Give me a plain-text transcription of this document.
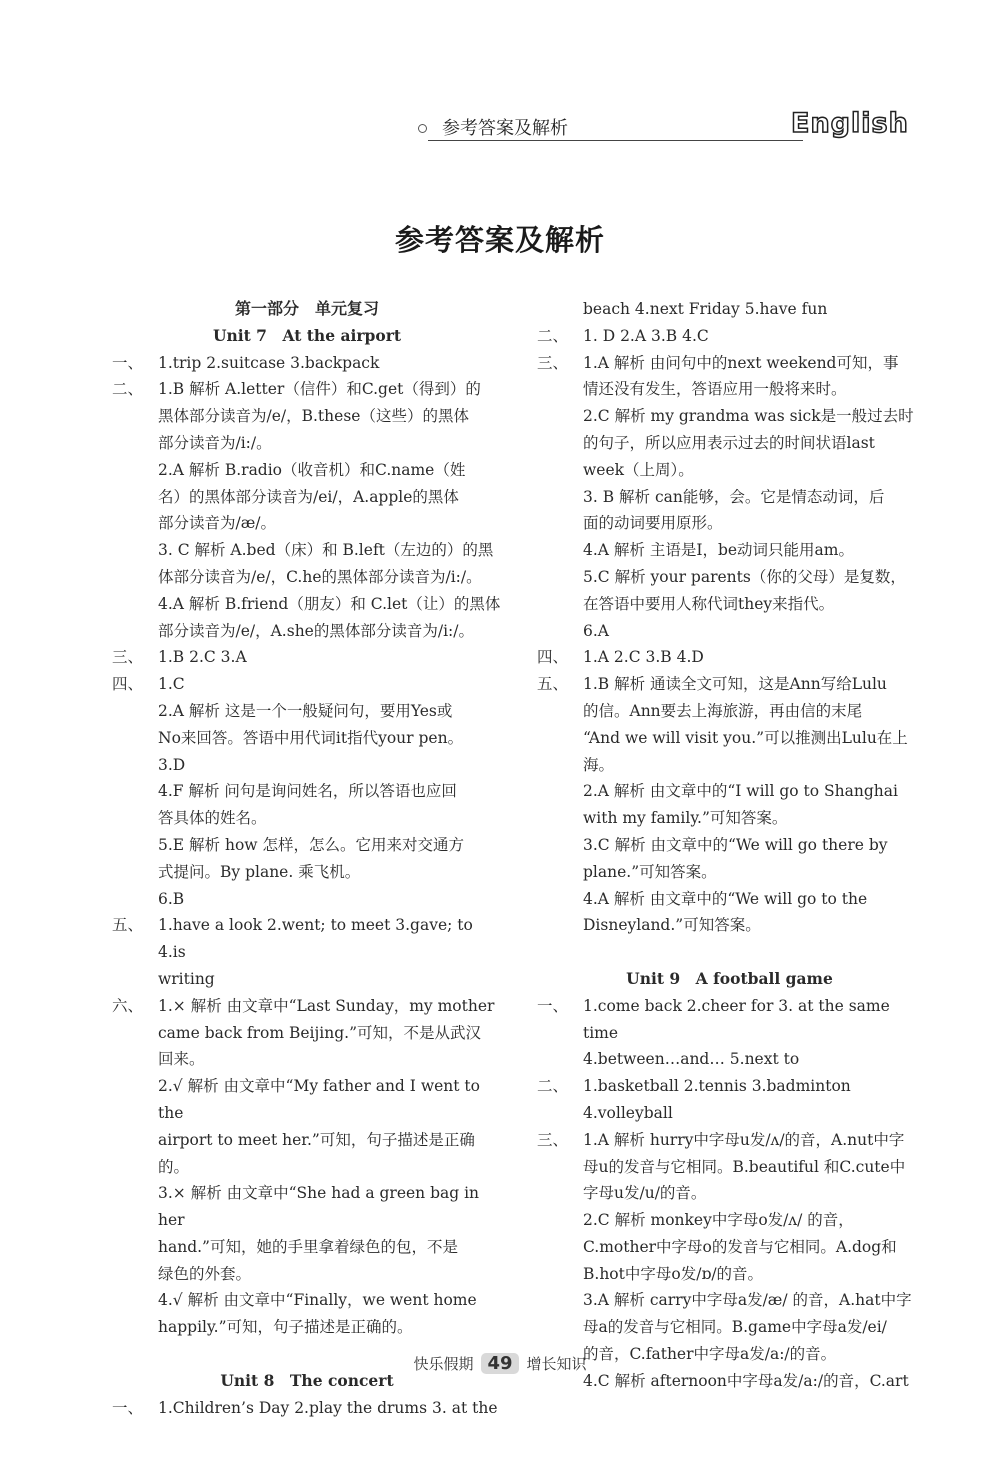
参考答案及解析	English
参考答案及解析
第一部分　单元复习
Unit 7　At the airport
一、 1.trip 2.suitcase 3.backpack
二、 1.B 解析 A.letter（信件）和C.get（得到）的
黑体部分读音为/e/，B.these（这些）的黑体
部分读音为/i:/。
2.A 解析 B.radio（收音机）和C.name（姓
名）的黑体部分读音为/ei/，A.apple的黑体
部分读音为/æ/。
3. C 解析 A.bed（床）和 B.left（左边的）的黑
体部分读音为/e/，C.he的黑体部分读音为/i:/。
4.A 解析 B.friend（朋友）和 C.let（让）的黑体
部分读音为/e/，A.she的黑体部分读音为/i:/。
三、 1.B 2.C 3.A
四、 1.C
2.A 解析 这是一个一般疑问句，要用Yes或
No来回答。答语中用代词it指代your pen。
3.D
4.F 解析 问句是询问姓名，所以答语也应回
答具体的姓名。
5.E 解析 how 怎样，怎么。它用来对交通方
式提问。By plane. 乘飞机。
6.B
五、 1.have a look 2.went; to meet 3.gave; to 4.is
writing
六、 1.× 解析 由文章中“Last Sunday，my mother
came back from Beijing.”可知，不是从武汉
回来。
2.√ 解析 由文章中“My father and I went to the
airport to meet her.”可知，句子描述是正确
的。
3.× 解析 由文章中“She had a green bag in her
hand.”可知，她的手里拿着绿色的包，不是
绿色的外套。
4.√ 解析 由文章中“Finally，we went home
happily.”可知，句子描述是正确的。
Unit 8　The concert
一、 1.Children’s Day 2.play the drums 3. at the
beach 4.next Friday 5.have fun
二、 1. D 2.A 3.B 4.C
三、 1.A 解析 由问句中的next weekend可知，事
情还没有发生，答语应用一般将来时。
2.C 解析 my grandma was sick是一般过去时
的句子，所以应用表示过去的时间状语last
week（上周）。
3. B 解析 can能够，会。它是情态动词，后
面的动词要用原形。
4.A 解析 主语是I，be动词只能用am。
5.C 解析 your parents（你的父母）是复数，
在答语中要用人称代词they来指代。
6.A
四、 1.A 2.C 3.B 4.D
五、 1.B 解析 通读全文可知，这是Ann写给Lulu
的信。Ann要去上海旅游，再由信的末尾
“And we will visit you.”可以推测出Lulu在上
海。
2.A 解析 由文章中的“I will go to Shanghai
with my family.”可知答案。
3.C 解析 由文章中的“We will go there by
plane.”可知答案。
4.A 解析 由文章中的“We will go to the
Disneyland.”可知答案。
Unit 9　A football game
一、 1.come back 2.cheer for 3. at the same time
4.between…and… 5.next to
二、 1.basketball 2.tennis 3.badminton 4.volleyball
三、 1.A 解析 hurry中字母u发/ʌ/的音，A.nut中字
母u的发音与它相同。B.beautiful 和C.cute中
字母u发/u/的音。
2.C 解析 monkey中字母o发/ʌ/ 的音，
C.mother中字母o的发音与它相同。A.dog和
B.hot中字母o发/ɒ/的音。
3.A 解析 carry中字母a发/æ/ 的音，A.hat中字
母a的发音与它相同。B.game中字母a发/ei/
的音，C.father中字母a发/a:/的音。
4.C 解析 afternoon中字母a发/a:/的音，C.art
快乐假期 49 增长知识
